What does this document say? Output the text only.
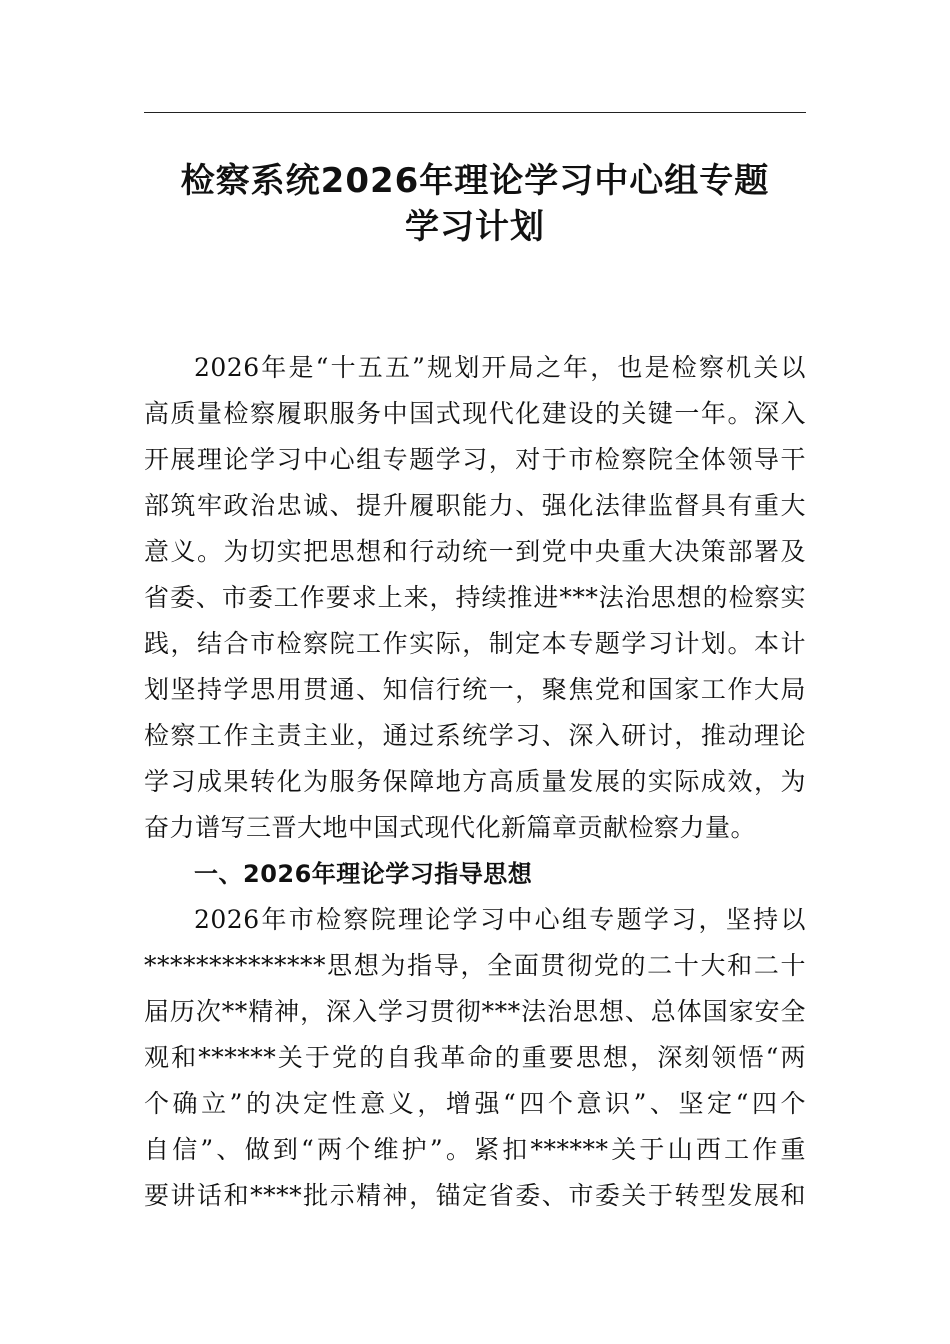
检察系统2026年理论学习中心组专题
学习计划
2026年是“十五五”规划开局之年，也是检察机关以
高质量检察履职服务中国式现代化建设的关键一年。深入
开展理论学习中心组专题学习，对于市检察院全体领导干
部筑牢政治忠诚、提升履职能力、强化法律监督具有重大
意义。为切实把思想和行动统一到党中央重大决策部署及
省委、市委工作要求上来，持续推进***法治思想的检察实
践，结合市检察院工作实际，制定本专题学习计划。本计
划坚持学思用贯通、知信行统一，聚焦党和国家工作大局
检察工作主责主业，通过系统学习、深入研讨，推动理论
学习成果转化为服务保障地方高质量发展的实际成效，为
奋力谱写三晋大地中国式现代化新篇章贡献检察力量。
一、2026年理论学习指导思想
2026年市检察院理论学习中心组专题学习，坚持以
**************思想为指导，全面贯彻党的二十大和二十
届历次**精神，深入学习贯彻***法治思想、总体国家安全
观和******关于党的自我革命的重要思想，深刻领悟“两
个确立”的决定性意义，增强“四个意识”、坚定“四个
自信”、做到“两个维护”。紧扣******关于山西工作重
要讲话和****批示精神，锚定省委、市委关于转型发展和
